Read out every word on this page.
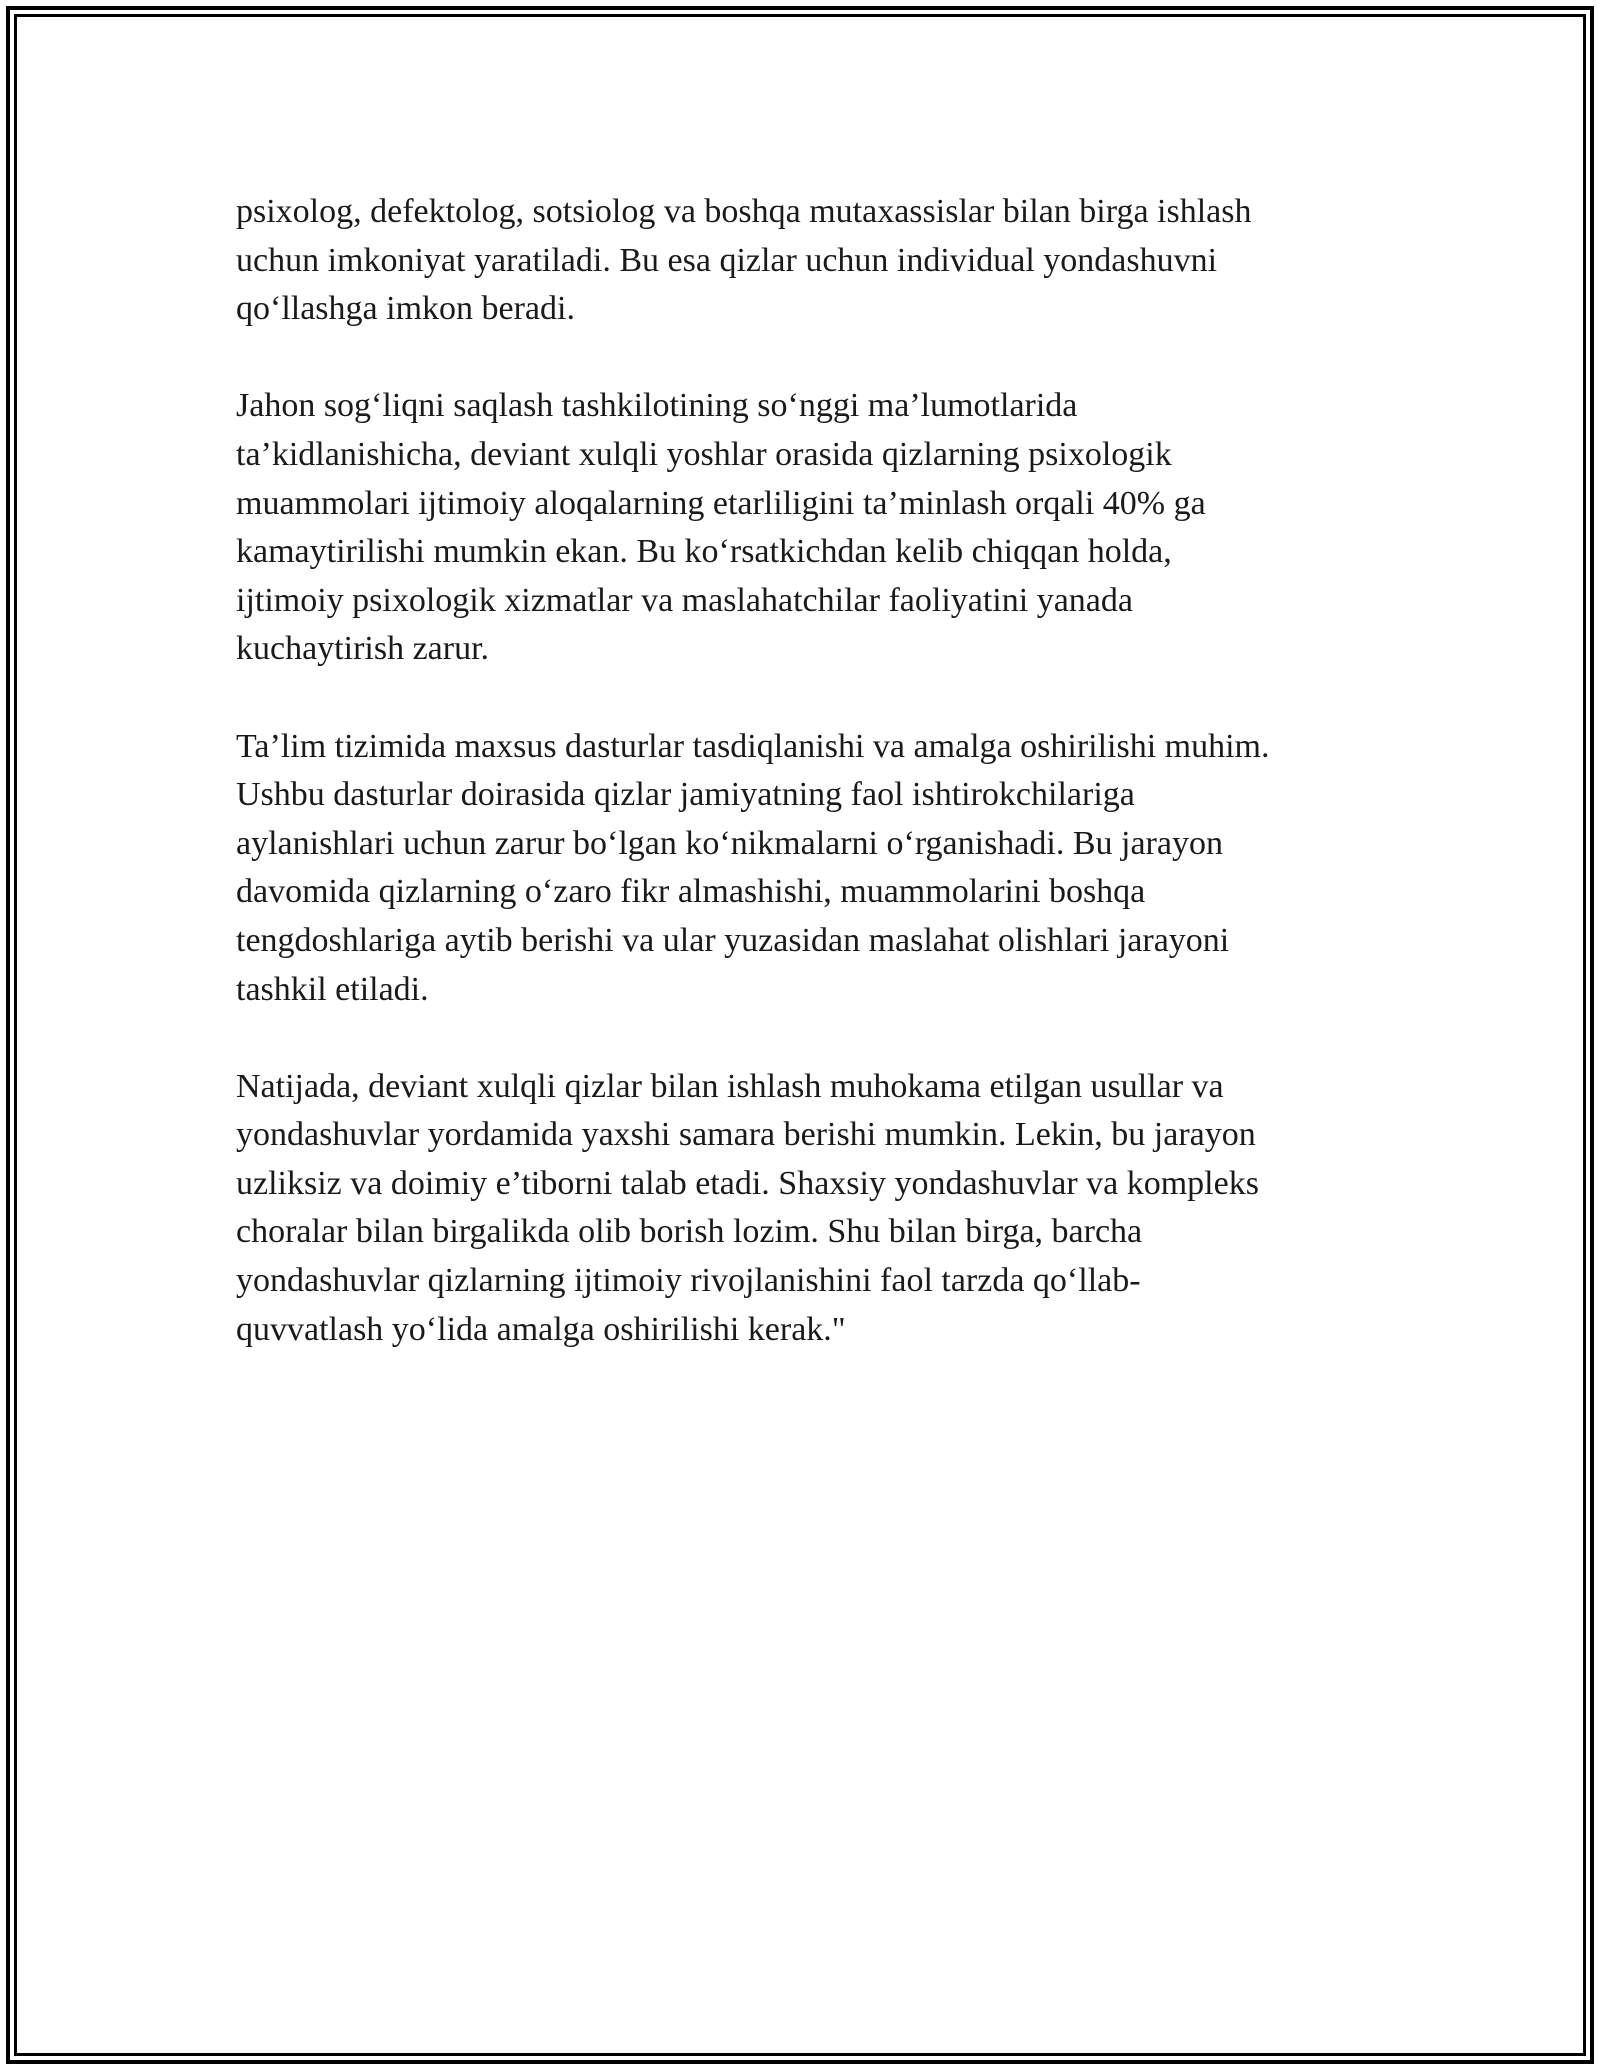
psixolog, defektolog, sotsiolog va boshqa mutaxassislar bilan birga ishlash
uchun imkoniyat yaratiladi. Bu esa qizlar uchun individual yondashuvni
qo‘llashga imkon beradi.

Jahon sog‘liqni saqlash tashkilotining so‘nggi ma’lumotlarida
ta’kidlanishicha, deviant xulqli yoshlar orasida qizlarning psixologik
muammolari ijtimoiy aloqalarning etarliligini ta’minlash orqali 40% ga
kamaytirilishi mumkin ekan. Bu ko‘rsatkichdan kelib chiqqan holda,
ijtimoiy psixologik xizmatlar va maslahatchilar faoliyatini yanada
kuchaytirish zarur.

Ta’lim tizimida maxsus dasturlar tasdiqlanishi va amalga oshirilishi muhim.
Ushbu dasturlar doirasida qizlar jamiyatning faol ishtirokchilariga
aylanishlari uchun zarur bo‘lgan ko‘nikmalarni o‘rganishadi. Bu jarayon
davomida qizlarning o‘zaro fikr almashishi, muammolarini boshqa
tengdoshlariga aytib berishi va ular yuzasidan maslahat olishlari jarayoni
tashkil etiladi.

Natijada, deviant xulqli qizlar bilan ishlash muhokama etilgan usullar va
yondashuvlar yordamida yaxshi samara berishi mumkin. Lekin, bu jarayon
uzliksiz va doimiy e’tiborni talab etadi. Shaxsiy yondashuvlar va kompleks
choralar bilan birgalikda olib borish lozim. Shu bilan birga, barcha
yondashuvlar qizlarning ijtimoiy rivojlanishini faol tarzda qo‘llab-
quvvatlash yo‘lida amalga oshirilishi kerak."
